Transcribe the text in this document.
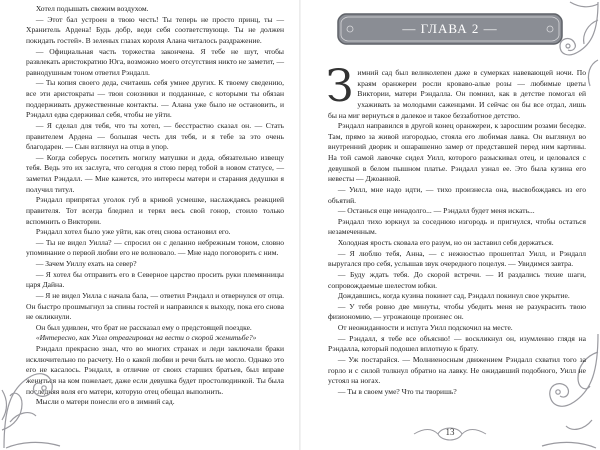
Хотел подышать свежим воздухом.

— Этот бал устроен в твою честь! Ты теперь не просто принц, ты — Хранитель Ардена! Будь добр, веди себя соответствующе. Ты не должен покидать гостей». В зеленых глазах короля Алана читалось раздражение.

— Официальная часть торжества закончена. Я тебе не шут, чтобы развлекать аристократию Юга, возможно моего отсутствия никто не заметит, — равнодушным тоном ответил Рэндалл.

— Ты копия своего деда, считаешь себя умнее других. К твоему сведению, все эти аристократы — твои союзники и подданные, с которыми ты обязан поддерживать дружественные контакты. — Алана уже было не остановить, и Рэндалл едва сдерживал себя, чтобы не уйти.

— Я сделал для тебя, что ты хотел, — бесстрастно сказал он. — Стать правителем Ардена — большая честь для тебя, и я тебе за это очень благодарен. — Сын взглянул на отца в упор.

— Когда соберусь посетить могилу матушки и деда, обязательно извещу тебя. Ведь это их заслуга, что сегодня я стою перед тобой в новом статусе, — заметил Рэндалл. — Мне кажется, это интересы матери и старания дедушки я получил титул.

Рэндалл припрятал уголок губ в кривой усмешке, наслаждаясь реакцией правителя. Тот всегда бледнел и терял весь свой гонор, стоило только вспомнить о Виктории.

Рэндалл хотел было уже уйти, как отец снова остановил его.

— Ты не видел Уилла? — спросил он с деланно небрежным тоном, словно упоминание о первой любви его не волновало. — Мне надо поговорить с ним.

— Зачем Уиллу ехать на север?

— Я хотел бы отправить его в Северное царство просить руки племянницы царя Дайна.

— Я не видел Уилла с начала бала, — ответил Рэндалл и отвернулся от отца. Он быстро прошмыгнул за спины гостей и направился к выходу, пока его снова не окликнули.

Он был удивлен, что брат не рассказал ему о предстоящей поездке.

«Интересно, как Уилл отреагировал на вести о скорой женитьбе?»

Рэндалл прекрасно знал, что во многих странах и леди заключали браки исключительно по расчету. Но о какой любви и речи быть не могло. Однако это его не касалось. Рэндалл, в отличие от своих старших братьев, был вправе жениться на ком пожелает, даже если девушка будет простолюдинкой. Ты была последняя воля его матери, которую отец обещал выполнить.

Мысли о матери понесли его в зимний сад.

— ГЛАВА 2 —

Зимний сад был великолепен даже в сумерках навевающей ночи. По краям оранжереи росли кроваво-алые розы — любимые цветы Виктории, матери Рэндалла. Он помнил, как в детстве помогал ей ухаживать за молодыми саженцами. И сейчас он бы все отдал, лишь бы на миг вернуться в далекое и такое беззаботное детство.

Рэндалл направился в другой конец оранжереи, к заросшим розами беседке. Там, прямо за живой изгородью, стояла его любимая лавка. Он выглянул во внутренний дворик и ошарашенно замер от представшей перед ним картины. На той самой лавочке сидел Уилл, которого разыскивал отец, и целовался с девушкой в белом пышном платье. Рэндалл узнал ее. Это была кузина его невесты — Джоанной.

— Уилл, мне надо идти, — тихо произнесла она, высвобождаясь из его объятий.

— Останься еще ненадолго... — Рэндалл будет меня искать...

Рэндалл тихо юркнул за соседнюю изгородь и пригнулся, чтобы остаться незамеченным.

Холодная ярость сковала его разум, но он заставил себя держаться.

— Я люблю тебя, Анна, — с нежностью прошептал Уилл, и Рэндалл выругался про себя, услышав звук очередного поцелуя. — Увидимся завтра.

— Буду ждать тебя. До скорой встречи. — И раздались тихие шаги, сопровождаемые шелестом юбки.

Дождавшись, когда кузина покинет сад, Рэндалл покинул свое укрытие.

— У тебя ровно две минуты, чтобы убедить меня не разукрасить твою физиономию, — угрожающе произнес он.

От неожиданности и испуга Уилл подскочил на месте.

— Рэндалл, я тебе все объясню! — воскликнул он, изумленно глядя на Рэндалла, который подошел вплотную к брату.

— Уж постарайся. — Молниеносным движением Рэндалл схватил того за горло и с силой толкнул обратно на лавку. Не ожидавший подобного, Уилл не устоял на ногах.

— Ты в своем уме? Что ты творишь?

13
